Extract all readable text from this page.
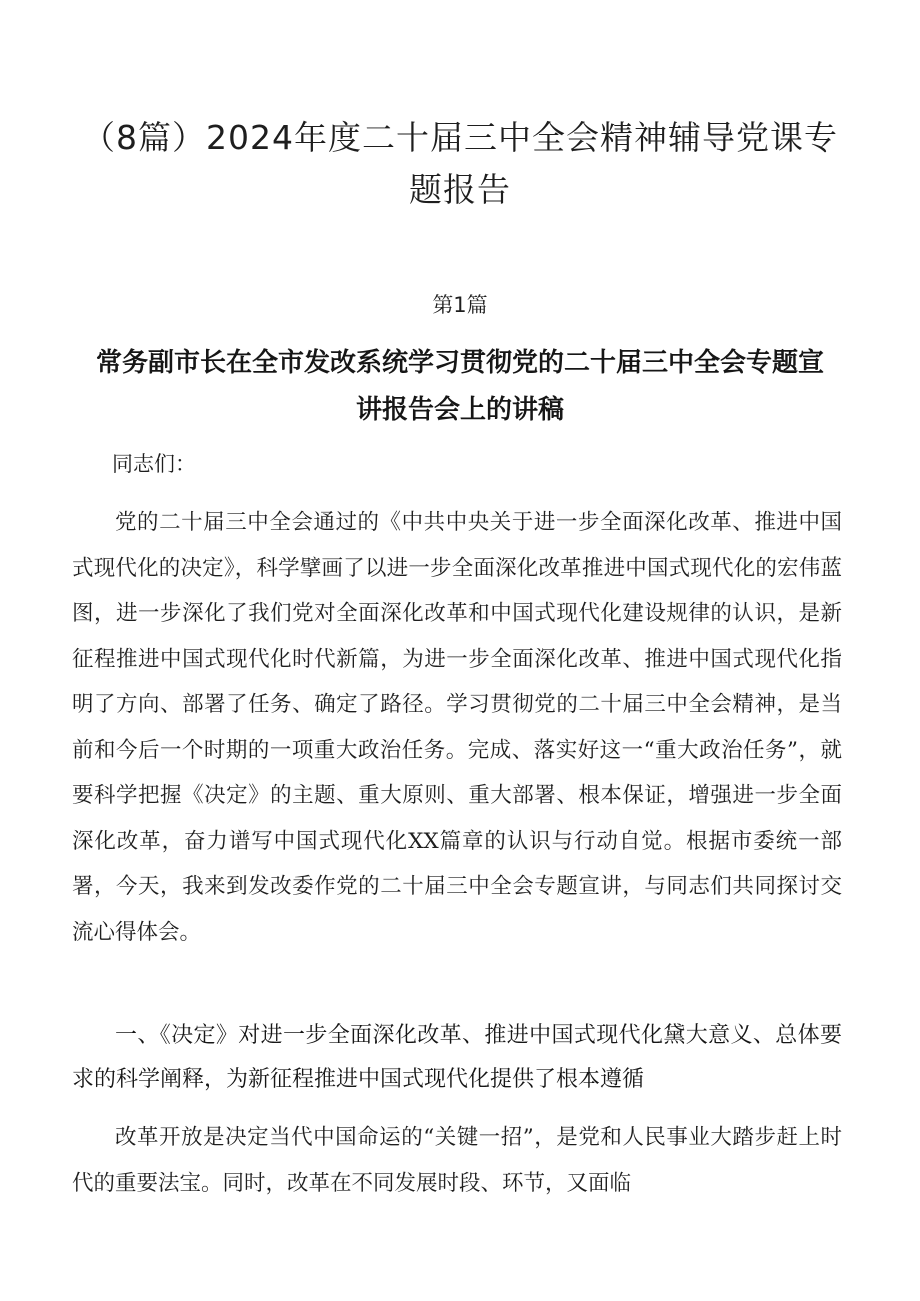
（8篇）2024年度二十届三中全会精神辅导党课专题报告
第1篇
常务副市长在全市发改系统学习贯彻党的二十届三中全会专题宣讲报告会上的讲稿
同志们：

党的二十届三中全会通过的《中共中央关于进一步全面深化改革、推进中国式现代化的决定》，科学擘画了以进一步全面深化改革推进中国式现代化的宏伟蓝图，进一步深化了我们党对全面深化改革和中国式现代化建设规律的认识，是新征程推进中国式现代化时代新篇，为进一步全面深化改革、推进中国式现代化指明了方向、部署了任务、确定了路径。学习贯彻党的二十届三中全会精神，是当前和今后一个时期的一项重大政治任务。完成、落实好这一“重大政治任务”，就要科学把握《决定》的主题、重大原则、重大部署、根本保证，增强进一步全面深化改革，奋力谱写中国式现代化XX篇章的认识与行动自觉。根据市委统一部署，今天，我来到发改委作党的二十届三中全会专题宣讲，与同志们共同探讨交流心得体会。

一、《决定》对进一步全面深化改革、推进中国式现代化黛大意义、总体要求的科学阐释，为新征程推进中国式现代化提供了根本遵循

改革开放是决定当代中国命运的“关键一招”，是党和人民事业大踏步赶上时代的重要法宝。同时，改革在不同发展时段、环节，又面临
